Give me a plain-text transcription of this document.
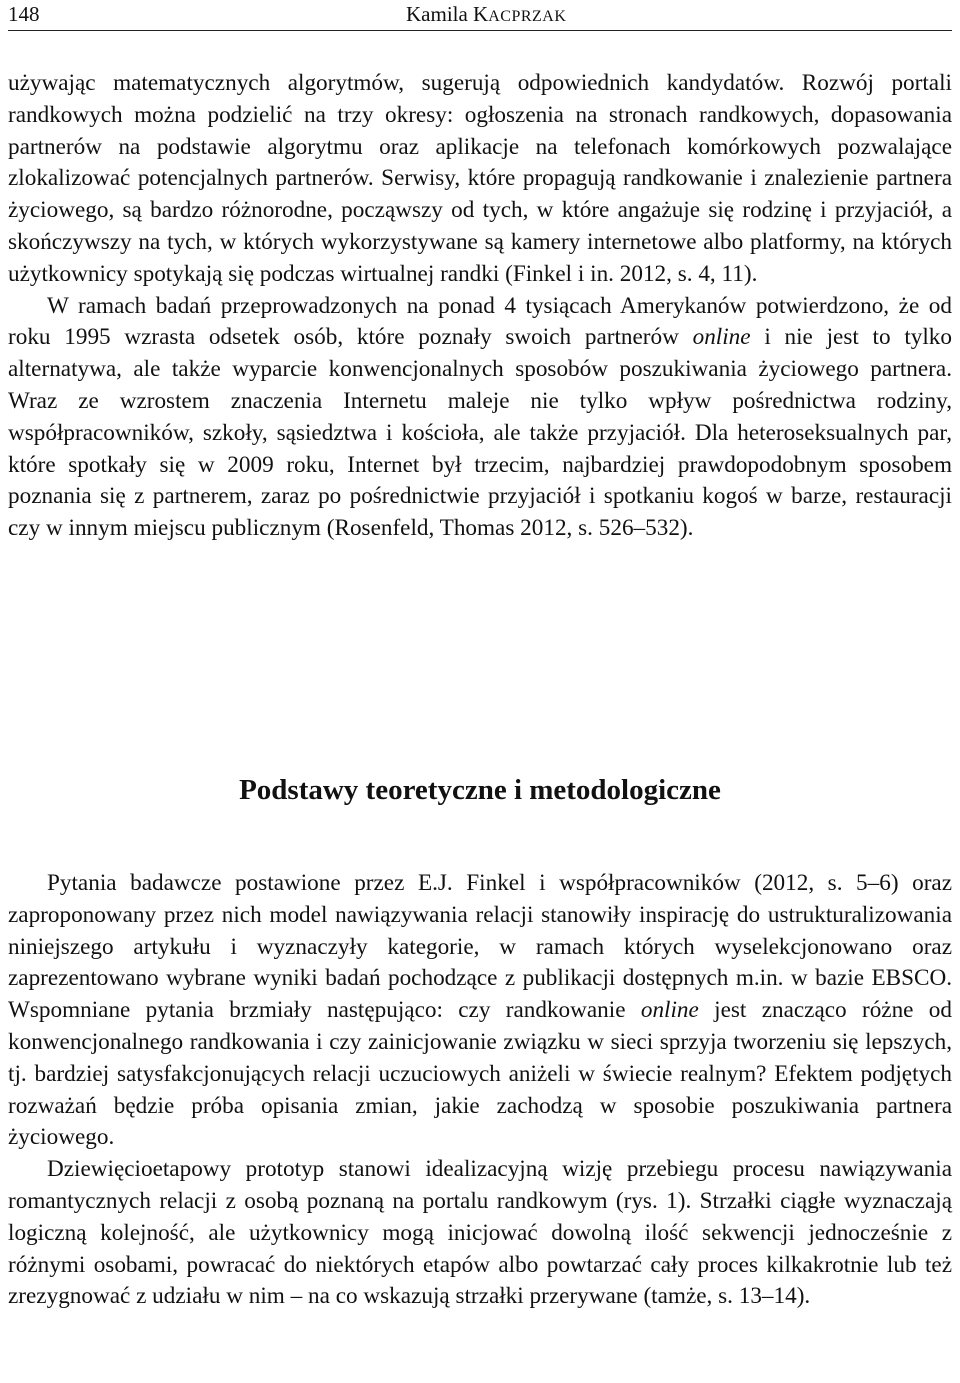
148	Kamila KACPRZAK

używając matematycznych algorytmów, sugerują odpowiednich kandydatów. Rozwój portali randkowych można podzielić na trzy okresy: ogłoszenia na stronach randkowych, dopasowania partnerów na podstawie algorytmu oraz aplikacje na telefonach komórkowych pozwalające zlokalizować potencjalnych partnerów. Serwisy, które propagują randkowanie i znalezienie partnera życiowego, są bardzo różnorodne, począwszy od tych, w które angażuje się rodzinę i przyjaciół, a skończywszy na tych, w których wykorzystywane są kamery internetowe albo platformy, na których użytkownicy spotykają się podczas wirtualnej randki (Finkel i in. 2012, s. 4, 11).

W ramach badań przeprowadzonych na ponad 4 tysiącach Amerykanów potwierdzono, że od roku 1995 wzrasta odsetek osób, które poznały swoich partnerów online i nie jest to tylko alternatywa, ale także wyparcie konwencjonalnych sposobów poszukiwania życiowego partnera. Wraz ze wzrostem znaczenia Internetu maleje nie tylko wpływ pośrednictwa rodziny, współpracowników, szkoły, sąsiedztwa i kościoła, ale także przyjaciół. Dla heteroseksualnych par, które spotkały się w 2009 roku, Internet był trzecim, najbardziej prawdopodobnym sposobem poznania się z partnerem, zaraz po pośrednictwie przyjaciół i spotkaniu kogoś w barze, restauracji czy w innym miejscu publicznym (Rosenfeld, Thomas 2012, s. 526–532).

Podstawy teoretyczne i metodologiczne

Pytania badawcze postawione przez E.J. Finkel i współpracowników (2012, s. 5–6) oraz zaproponowany przez nich model nawiązywania relacji stanowiły inspirację do ustrukturalizowania niniejszego artykułu i wyznaczyły kategorie, w ramach których wyselekcjonowano oraz zaprezentowano wybrane wyniki badań pochodzące z publikacji dostępnych m.in. w bazie EBSCO. Wspomniane pytania brzmiały następująco: czy randkowanie online jest znacząco różne od konwencjonalnego randkowania i czy zainicjowanie związku w sieci sprzyja tworzeniu się lepszych, tj. bardziej satysfakcjonujących relacji uczuciowych aniżeli w świecie realnym? Efektem podjętych rozważań będzie próba opisania zmian, jakie zachodzą w sposobie poszukiwania partnera życiowego.

Dziewięcioetapowy prototyp stanowi idealizacyjną wizję przebiegu procesu nawiązywania romantycznych relacji z osobą poznaną na portalu randkowym (rys. 1). Strzałki ciągłe wyznaczają logiczną kolejność, ale użytkownicy mogą inicjować dowolną ilość sekwencji jednocześnie z różnymi osobami, powracać do niektórych etapów albo powtarzać cały proces kilkakrotnie lub też zrezygnować z udziału w nim – na co wskazują strzałki przerywane (tamże, s. 13–14).
